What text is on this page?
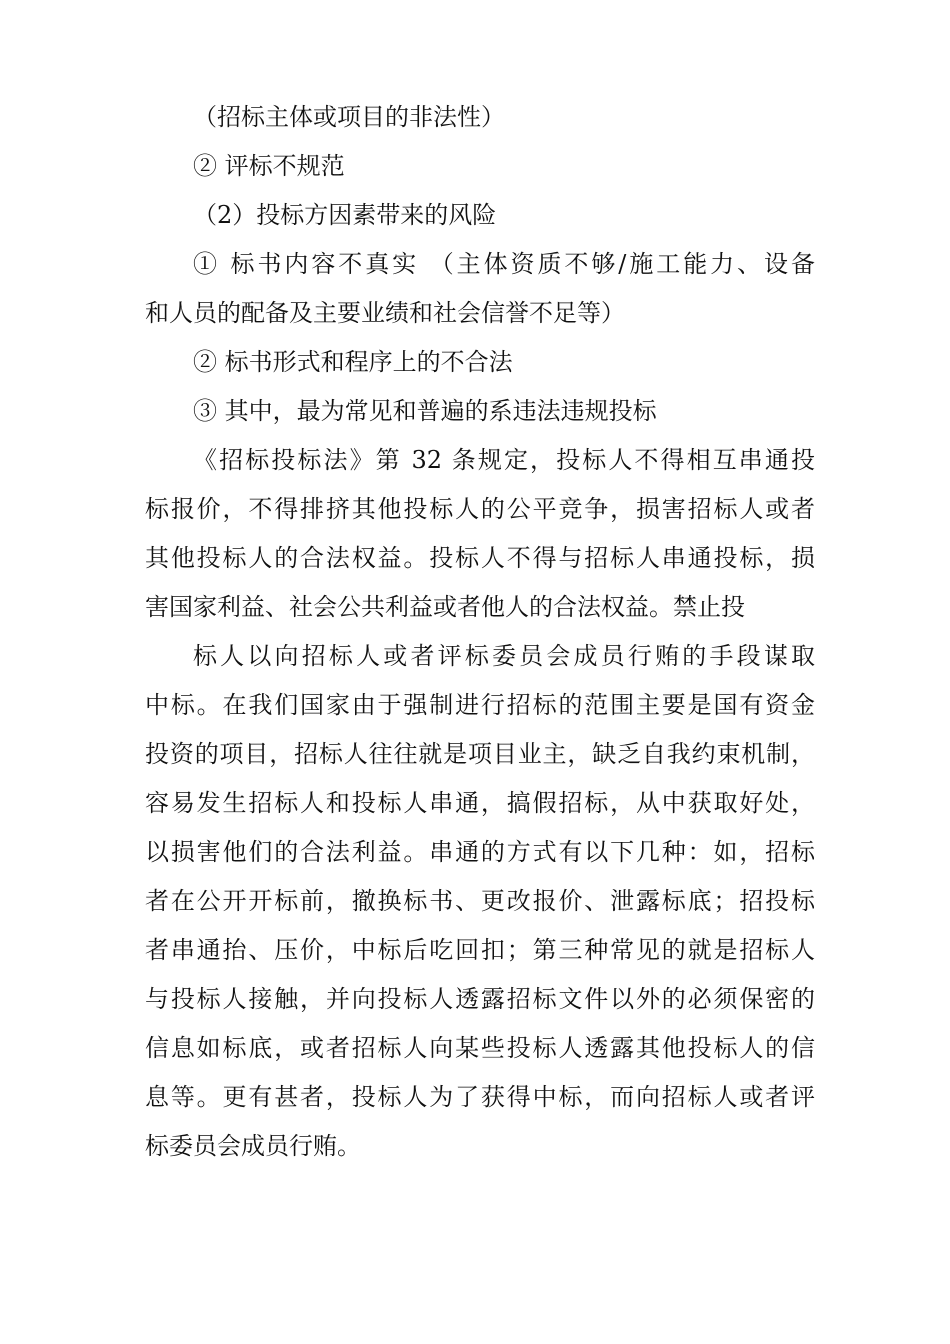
（招标主体或项目的非法性）
② 评标不规范
（2）投标方因素带来的风险
① 标书内容不真实 （主体资质不够/施工能力、设备
和人员的配备及主要业绩和社会信誉不足等）
② 标书形式和程序上的不合法
③ 其中，最为常见和普遍的系违法违规投标
《招标投标法》第 32 条规定，投标人不得相互串通投
标报价，不得排挤其他投标人的公平竞争，损害招标人或者
其他投标人的合法权益。投标人不得与招标人串通投标，损
害国家利益、社会公共利益或者他人的合法权益。禁止投
标人以向招标人或者评标委员会成员行贿的手段谋取
中标。在我们国家由于强制进行招标的范围主要是国有资金
投资的项目，招标人往往就是项目业主，缺乏自我约束机制，
容易发生招标人和投标人串通，搞假招标，从中获取好处，
以损害他们的合法利益。串通的方式有以下几种：如，招标
者在公开开标前，撤换标书、更改报价、泄露标底；招投标
者串通抬、压价，中标后吃回扣；第三种常见的就是招标人
与投标人接触，并向投标人透露招标文件以外的必须保密的
信息如标底，或者招标人向某些投标人透露其他投标人的信
息等。更有甚者，投标人为了获得中标，而向招标人或者评
标委员会成员行贿。
